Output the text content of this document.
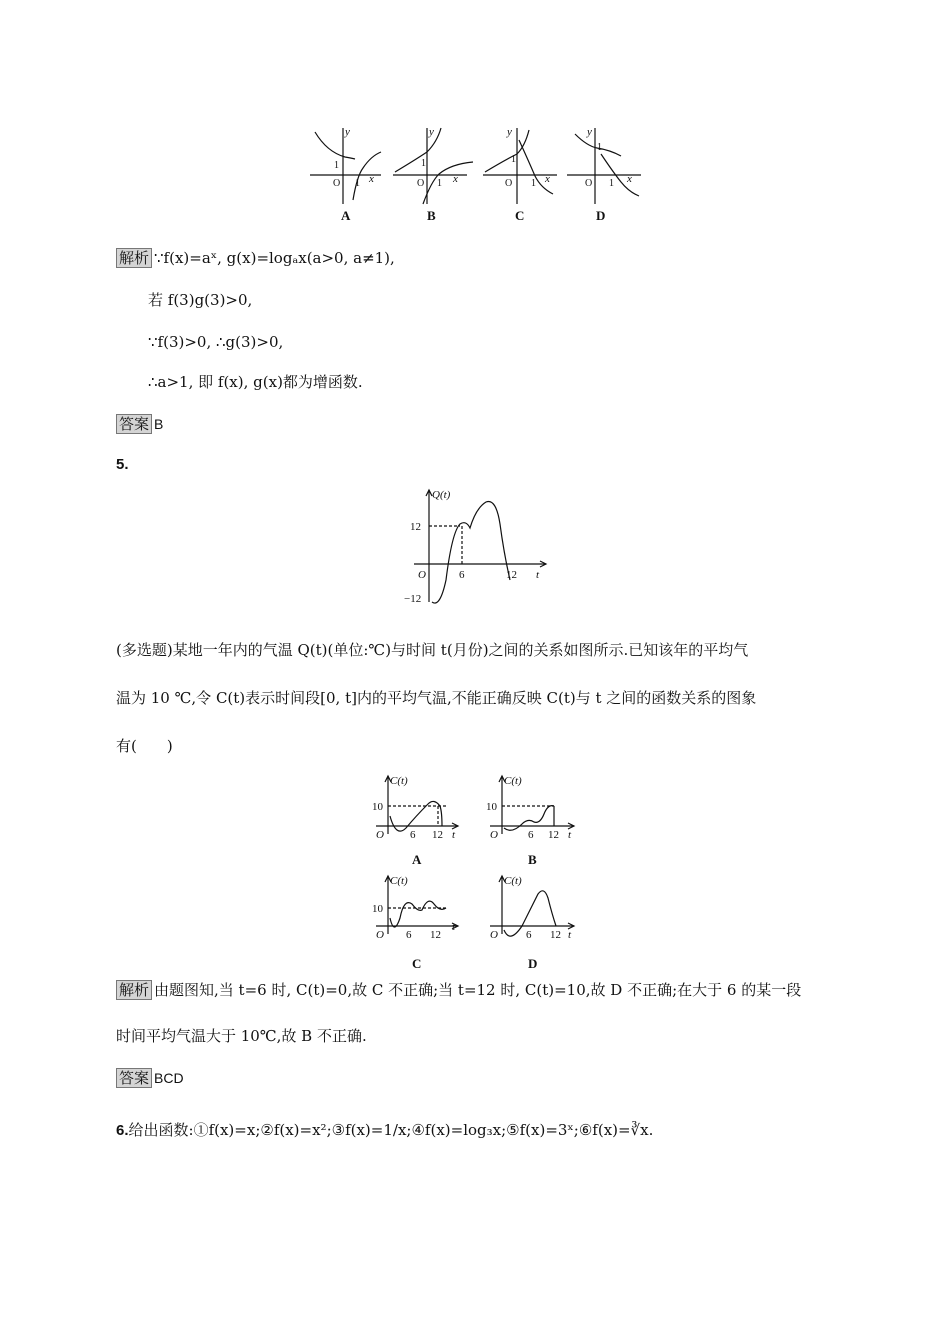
y
x
y
x
y
x
y
x
O
1
1	O
1
1	O
1
1	O
1
1
A	B	C	D
解析 ∵f(x)=aˣ, g(x)=logₐx(a>0, a≠1),
若 f(3)g(3)>0,
∵f(3)>0, ∴g(3)>0,
∴a>1, 即 f(x), g(x)都为增函数.
答案 B
5.
Q(t)
t
O
12
−12
6	12
(多选题)某地一年内的气温 Q(t)(单位:℃)与时间 t(月份)之间的关系如图所示.已知该年的平均气
温为 10 ℃,令 C(t)表示时间段[0, t]内的平均气温,不能正确反映 C(t)与 t 之间的函数关系的图象
有(　　)
C(t)
t
O
10
6 12
C(t)
t
O
10
6 12
C(t)
t
O
10
6 12
C(t)
t
O	6 12
A	B
C	D
解析 由题图知,当 t=6 时, C(t)=0,故 C 不正确;当 t=12 时, C(t)=10,故 D 不正确;在大于 6 的某一段
时间平均气温大于 10℃,故 B 不正确.
答案 BCD
6.给出函数:①f(x)=x;②f(x)=x²;③f(x)=1/x;④f(x)=log₃x;⑤f(x)=3ˣ;⑥f(x)=∛x.
